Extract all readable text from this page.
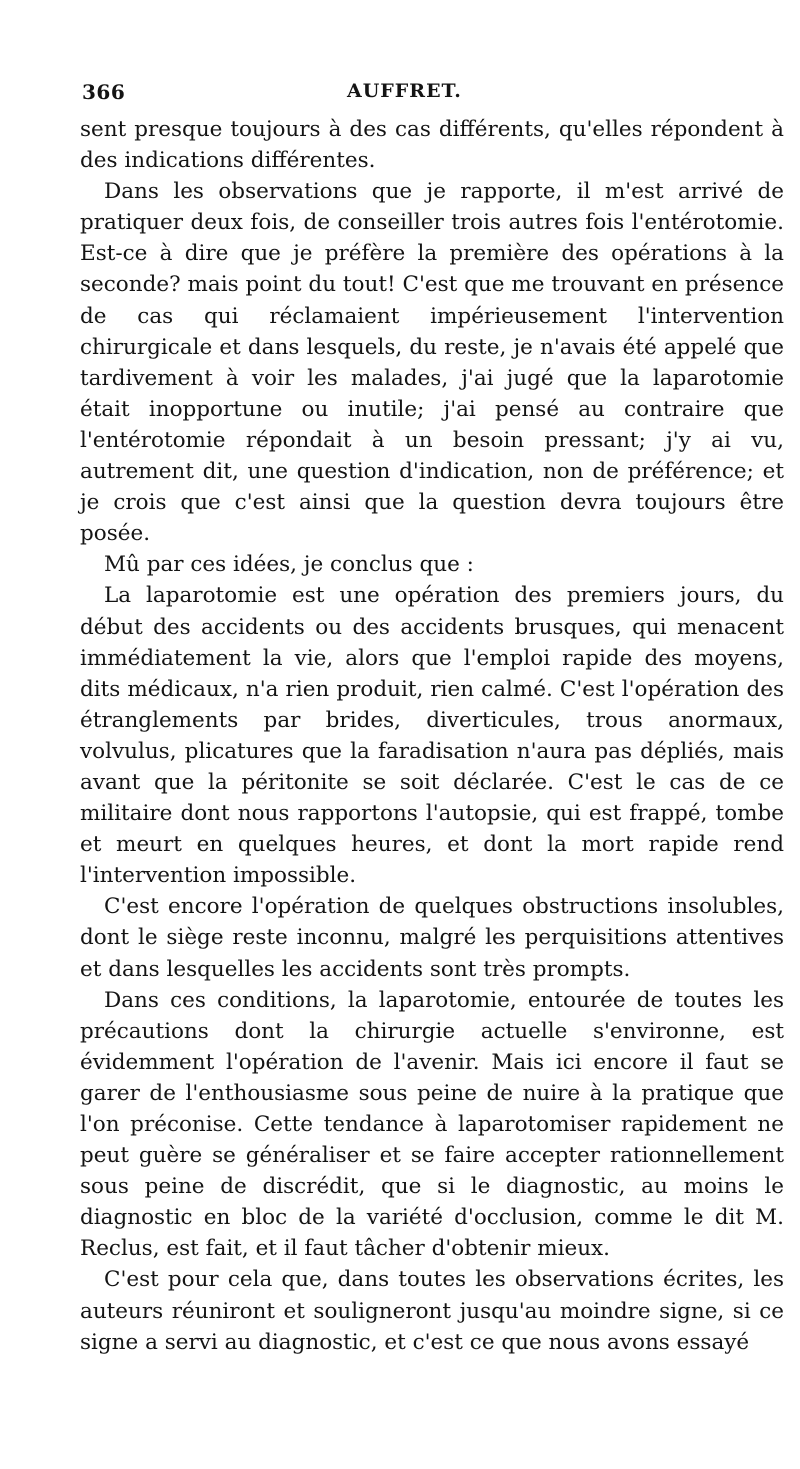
366	AUFFRET.

sent presque toujours à des cas différents, qu'elles répondent à des indications différentes.

Dans les observations que je rapporte, il m'est arrivé de pratiquer deux fois, de conseiller trois autres fois l'entérotomie. Est-ce à dire que je préfère la première des opérations à la seconde? mais point du tout! C'est que me trouvant en présence de cas qui réclamaient impérieusement l'intervention chirurgicale et dans lesquels, du reste, je n'avais été appelé que tardivement à voir les malades, j'ai jugé que la laparotomie était inopportune ou inutile; j'ai pensé au contraire que l'entérotomie répondait à un besoin pressant; j'y ai vu, autrement dit, une question d'indication, non de préférence; et je crois que c'est ainsi que la question devra toujours être posée.

Mû par ces idées, je conclus que :

La laparotomie est une opération des premiers jours, du début des accidents ou des accidents brusques, qui menacent immédiatement la vie, alors que l'emploi rapide des moyens, dits médicaux, n'a rien produit, rien calmé. C'est l'opération des étranglements par brides, diverticules, trous anormaux, volvulus, plicatures que la faradisation n'aura pas dépliés, mais avant que la péritonite se soit déclarée. C'est le cas de ce militaire dont nous rapportons l'autopsie, qui est frappé, tombe et meurt en quelques heures, et dont la mort rapide rend l'intervention impossible.

C'est encore l'opération de quelques obstructions insolubles, dont le siège reste inconnu, malgré les perquisitions attentives et dans lesquelles les accidents sont très prompts.

Dans ces conditions, la laparotomie, entourée de toutes les précautions dont la chirurgie actuelle s'environne, est évidemment l'opération de l'avenir. Mais ici encore il faut se garer de l'enthousiasme sous peine de nuire à la pratique que l'on préconise. Cette tendance à laparotomiser rapidement ne peut guère se généraliser et se faire accepter rationnellement sous peine de discrédit, que si le diagnostic, au moins le diagnostic en bloc de la variété d'occlusion, comme le dit M. Reclus, est fait, et il faut tâcher d'obtenir mieux.

C'est pour cela que, dans toutes les observations écrites, les auteurs réuniront et souligneront jusqu'au moindre signe, si ce signe a servi au diagnostic, et c'est ce que nous avons essayé
